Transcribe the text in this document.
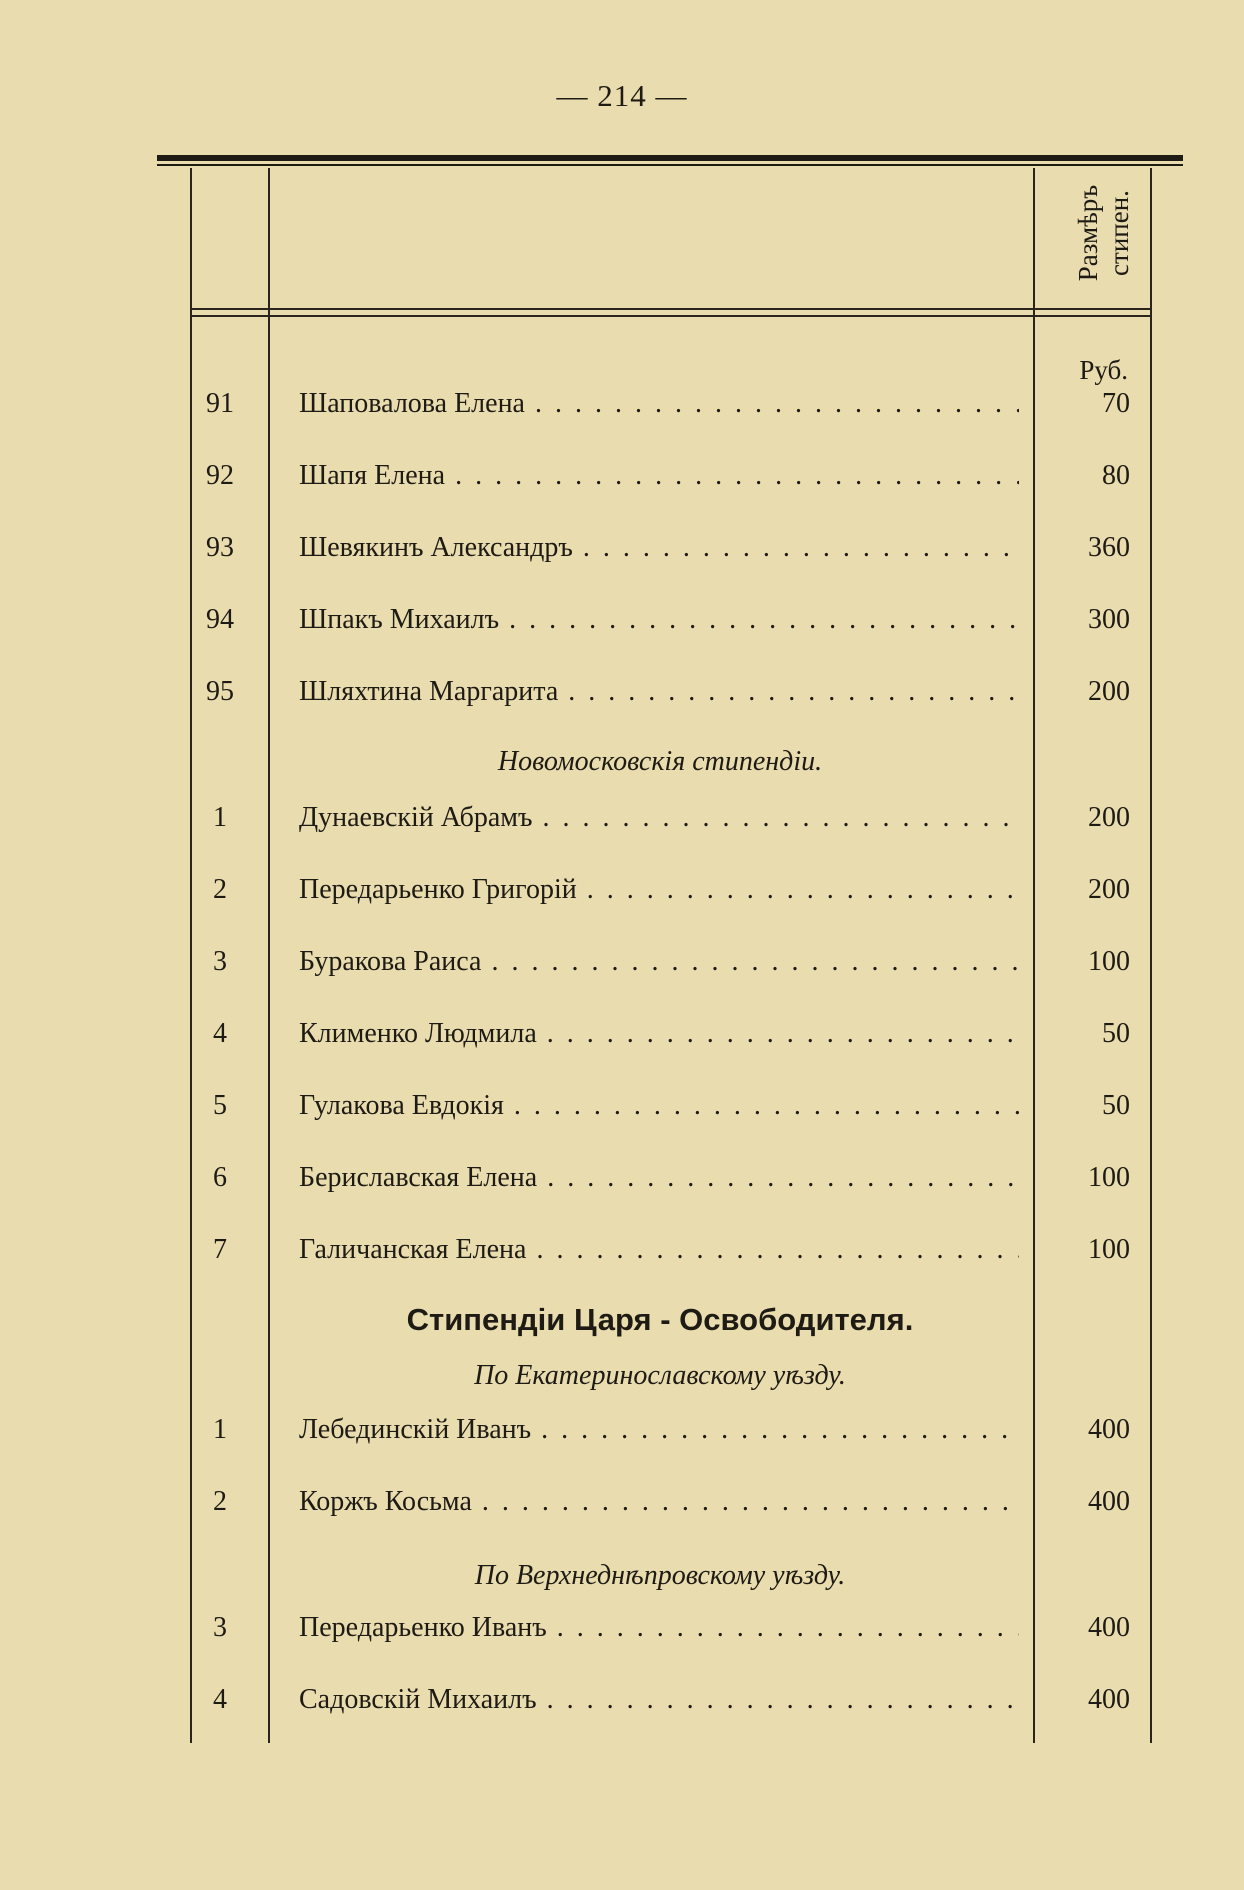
— 214 —
Размѣръ стипен.
Руб.
91	Шаповалова Елена . . .	70
92	Шапя Елена . . .	80
93	Шевякинъ Александръ . . .	360
94	Шпакъ Михаилъ . . .	300
95	Шляхтина Маргарита . . .	200
Новомосковскія стипендіи.
1	Дунаевскій Абрамъ . . .	200
2	Передарьенко Григорій . . .	200
3	Буракова Раиса . . .	100
4	Клименко Людмила . . .	50
5	Гулакова Евдокія . . .	50
6	Бериславская Елена . . .	100
7	Галичанская Елена . . .	100
Стипендіи Царя - Освободителя.
По Екатеринославскому уѣзду.
1	Лебединскій Иванъ . . .	400
2	Коржъ Косьма . . .	400
По Верхнеднѣпровскому уѣзду.
3	Передарьенко Иванъ . . .	400
4	Садовскій Михаилъ . . .	400
